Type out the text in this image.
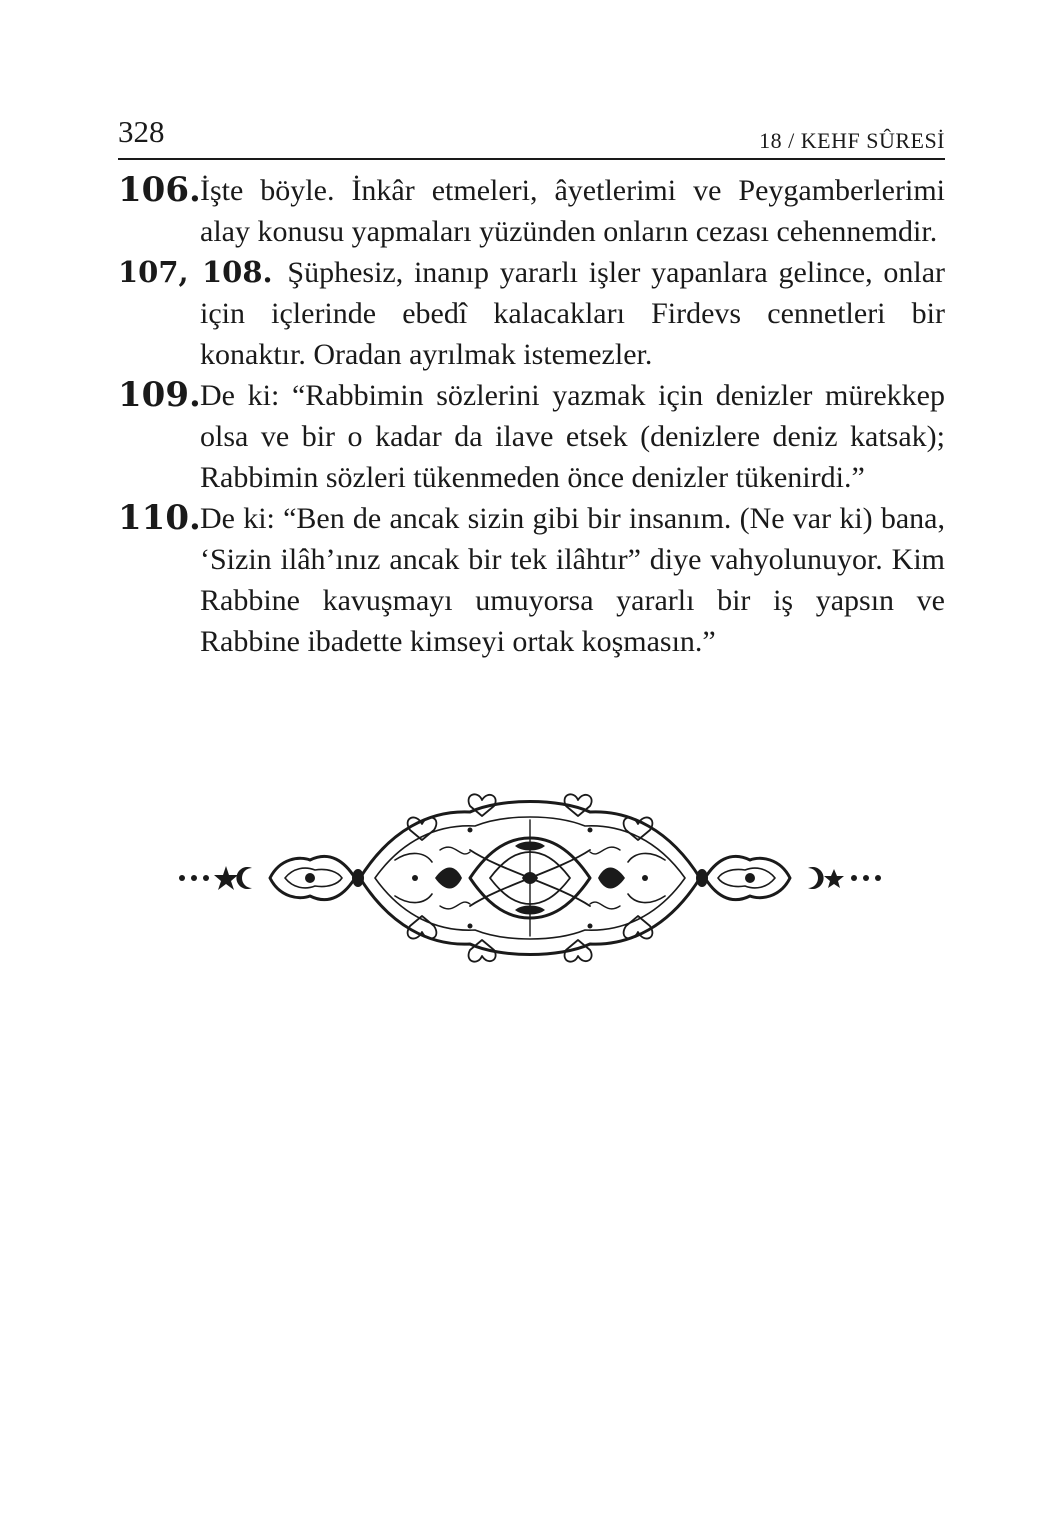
328	18 / KEHF SÛRESİ

106. İşte böyle. İnkâr etmeleri, âyetlerimi ve Peygamberlerimi alay konusu yapmaları yüzünden onların cezası cehennemdir.

107, 108. Şüphesiz, inanıp yararlı işler yapanlara gelince, onlar için içlerinde ebedî kalacakları Firdevs cennetleri bir konaktır. Oradan ayrılmak istemezler.

109. De ki: “Rabbimin sözlerini yazmak için denizler mürekkep olsa ve bir o kadar da ilave etsek (denizlere deniz katsak); Rabbimin sözleri tükenmeden önce denizler tükenirdi.”

110. De ki: “Ben de ancak sizin gibi bir insanım. (Ne var ki) bana, ‘Sizin ilâh’ınız ancak bir tek ilâhtır” diye vahyolunuyor. Kim Rabbine kavuşmayı umuyorsa yararlı bir iş yapsın ve Rabbine ibadette kimseyi ortak koşmasın.”
